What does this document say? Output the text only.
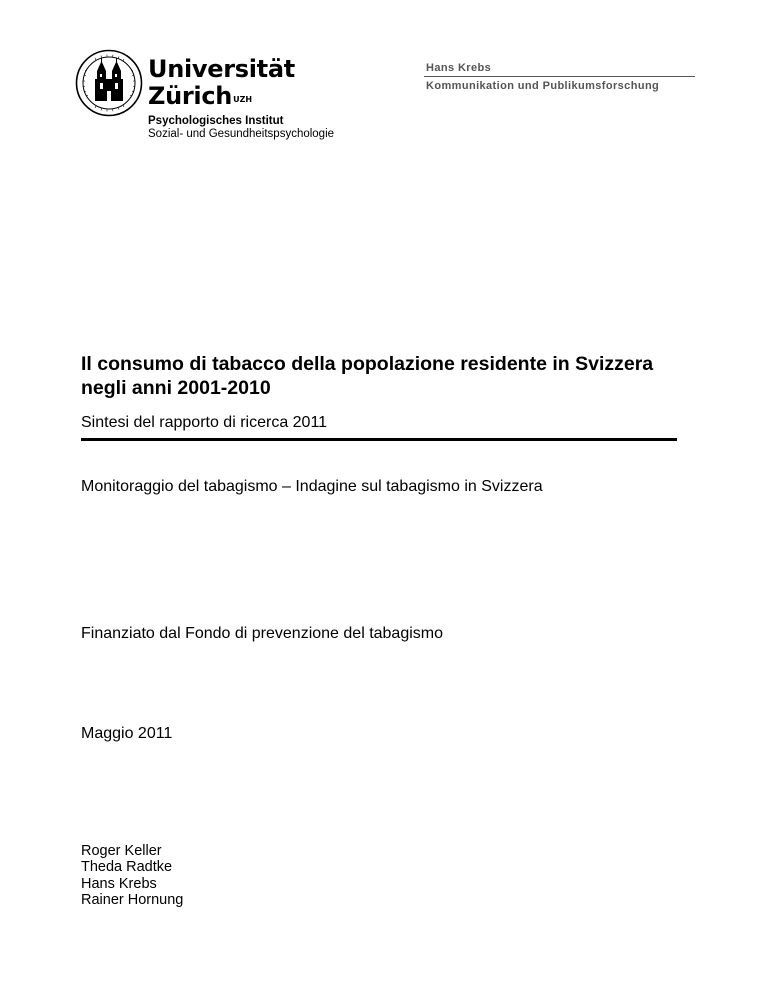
Universität
Zürich$^{UZH}$
Psychologisches Institut
Sozial- und Gesundheitspsychologie
Hans Krebs
Kommunikation und Publikumsforschung
Il consumo di tabacco della popolazione residente in Svizzera negli anni 2001-2010
Sintesi del rapporto di ricerca 2011
Monitoraggio del tabagismo – Indagine sul tabagismo in Svizzera
Finanziato dal Fondo di prevenzione del tabagismo
Maggio 2011
Roger Keller
Theda Radtke
Hans Krebs
Rainer Hornung
